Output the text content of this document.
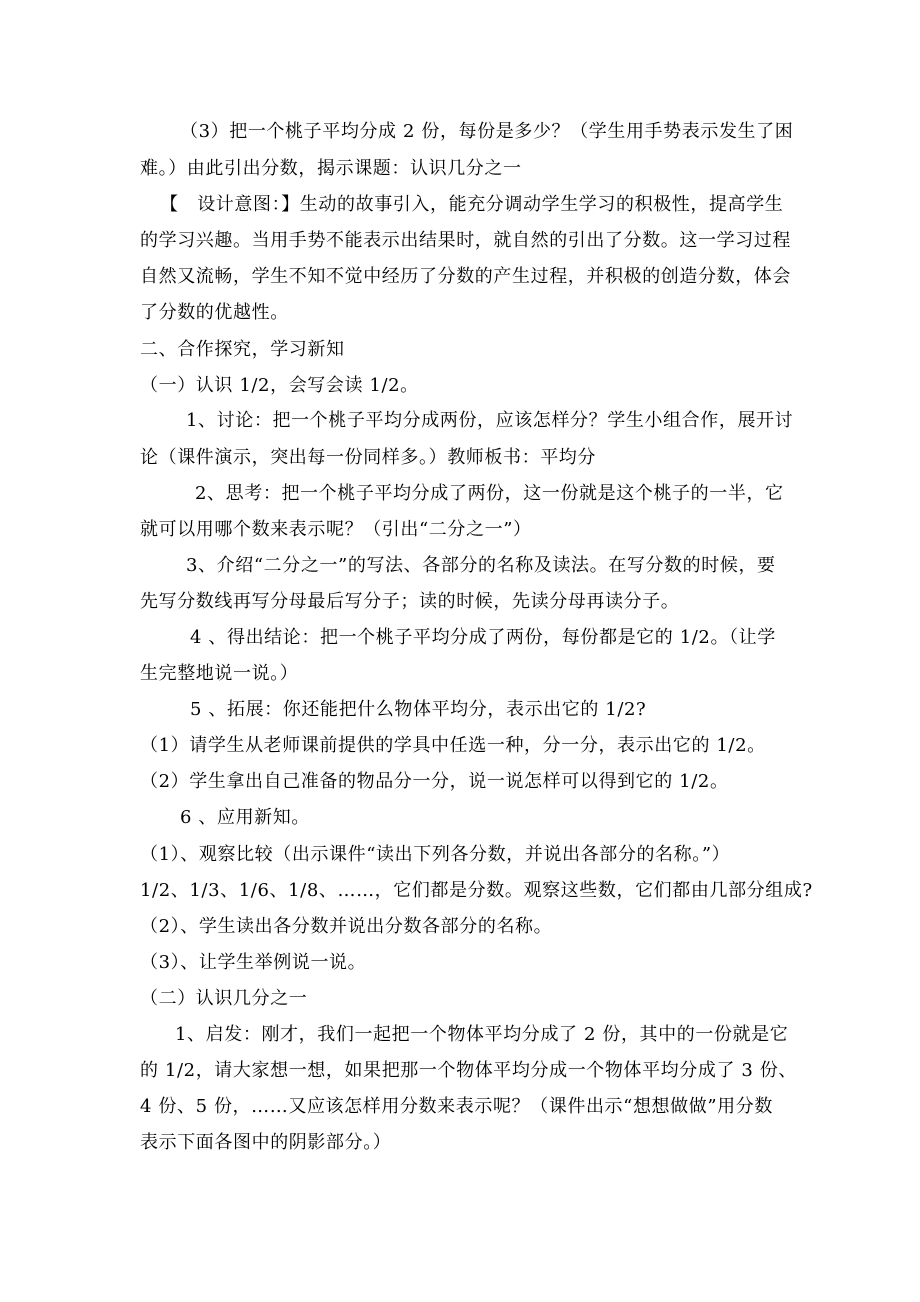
（3）把一个桃子平均分成 2 份，每份是多少？（学生用手势表示发生了困
难。）由此引出分数，揭示课题：认识几分之一
【　设计意图：】生动的故事引入，能充分调动学生学习的积极性，提高学生
的学习兴趣。当用手势不能表示出结果时，就自然的引出了分数。这一学习过程
自然又流畅，学生不知不觉中经历了分数的产生过程，并积极的创造分数，体会
了分数的优越性。
二、合作探究，学习新知
（一）认识 1/2，会写会读 1/2。
1、讨论：把一个桃子平均分成两份，应该怎样分？学生小组合作，展开讨
论（课件演示，突出每一份同样多。）教师板书：平均分
2、思考：把一个桃子平均分成了两份，这一份就是这个桃子的一半，它
就可以用哪个数来表示呢？（引出“二分之一”）
3、介绍“二分之一”的写法、各部分的名称及读法。在写分数的时候，要
先写分数线再写分母最后写分子；读的时候，先读分母再读分子。
4 、得出结论：把一个桃子平均分成了两份，每份都是它的 1/2。（让学
生完整地说一说。）
5 、拓展：你还能把什么物体平均分，表示出它的 1/2?
（1）请学生从老师课前提供的学具中任选一种，分一分，表示出它的 1/2。
（2）学生拿出自己准备的物品分一分，说一说怎样可以得到它的 1/2。
6 、应用新知。
（1）、观察比较（出示课件“读出下列各分数，并说出各部分的名称。”）
1/2、1/3、1/6、1/8、……，它们都是分数。观察这些数，它们都由几部分组成?
（2）、学生读出各分数并说出分数各部分的名称。
（3）、让学生举例说一说。
（二）认识几分之一
1、启发：刚才，我们一起把一个物体平均分成了 2 份，其中的一份就是它
的 1/2，请大家想一想，如果把那一个物体平均分成一个物体平均分成了 3 份、
4 份、5 份，……又应该怎样用分数来表示呢？（课件出示“想想做做”用分数
表示下面各图中的阴影部分。）
